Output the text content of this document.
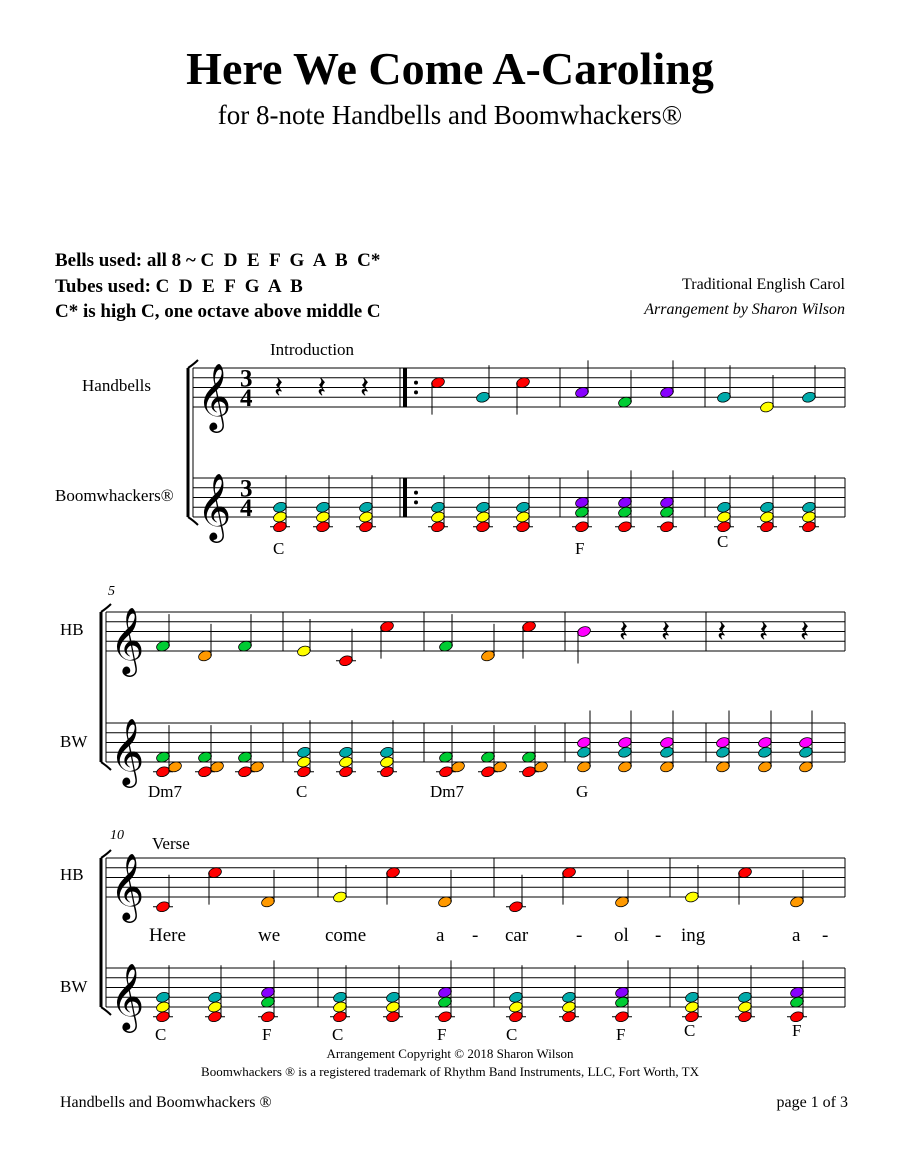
Here We Come A-Caroling
for 8-note Handbells and Boomwhackers®
Bells used: all 8 ~ C  D  E  F  G  A  B  C*
Tubes used: C  D  E  F  G  A  B
C* is high C, one octave above middle C
Traditional English Carol
Arrangement by Sharon Wilson
Handbells
Boomwhackers®
Introduction
C	F	C
5
HB
BW
Dm7	C	Dm7	G
10 Verse
HB
BW
Here	we come	a - car	- ol - ing	a -
C	F	C	F	C	F	C	F
Arrangement Copyright © 2018 Sharon Wilson
Boomwhackers ® is a registered trademark of Rhythm Band Instruments, LLC, Fort Worth, TX
Handbells and Boomwhackers ®	page 1 of 3
𝄞
𝄞
3
4
3
4
𝄽 𝄽 𝄽
𝄞
𝄞
𝄽 𝄽 𝄽 𝄽 𝄽
𝄞
𝄞
